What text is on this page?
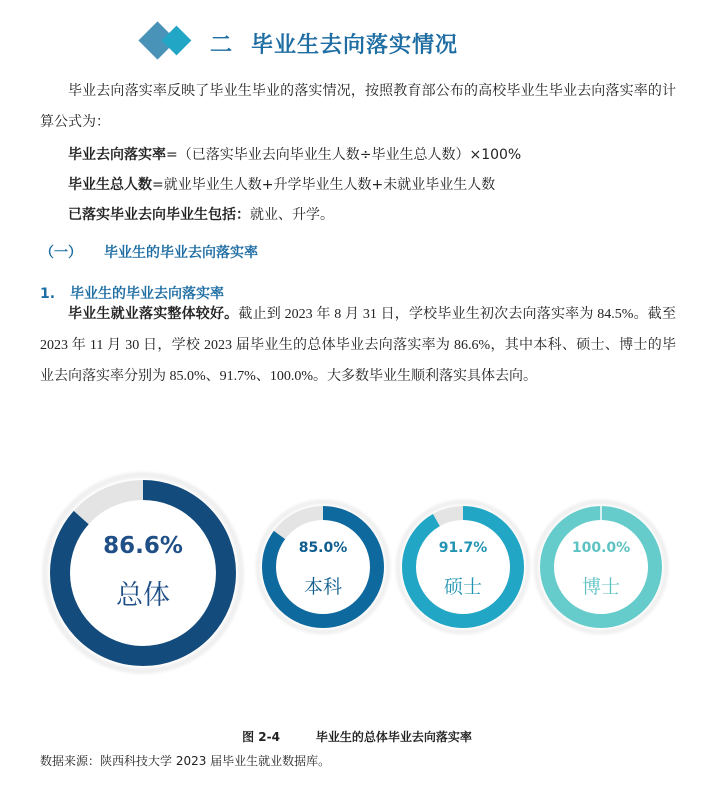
二 毕业生去向落实情况

毕业去向落实率反映了毕业生毕业的落实情况，按照教育部公布的高校毕业生毕业去向落实率的计算公式为：

毕业去向落实率=（已落实毕业去向毕业生人数÷毕业生总人数）×100%
毕业生总人数=就业毕业生人数+升学毕业生人数+未就业毕业生人数
已落实毕业去向毕业生包括：就业、升学。
（一） 毕业生的毕业去向落实率
1. 毕业生的毕业去向落实率

毕业生就业落实整体较好。截止到 2023 年 8 月 31 日，学校毕业生初次去向落实率为 84.5%。截至 2023 年 11 月 30 日，学校 2023 届毕业生的总体毕业去向落实率为 86.6%，其中本科、硕士、博士的毕业去向落实率分别为 85.0%、91.7%、100.0%。大多数毕业生顺利落实具体去向。

86.6%
总体
85.0%
本科
91.7%
硕士
100.0%
博士
图 2-4	毕业生的总体毕业去向落实率
数据来源：陕西科技大学 2023 届毕业生就业数据库。
